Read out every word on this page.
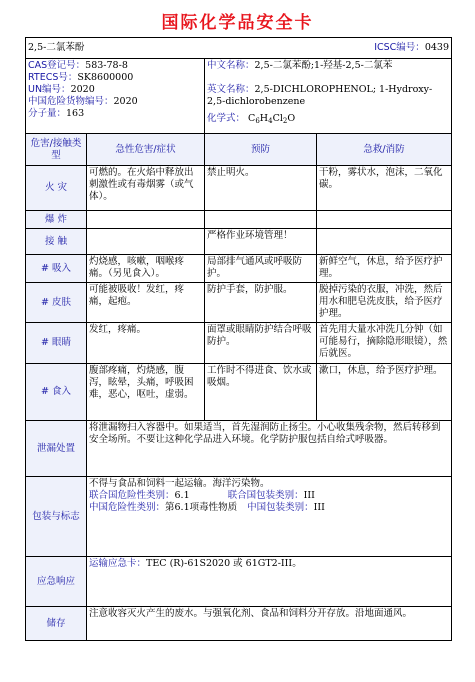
国际化学品安全卡
2,5-二氯苯酚 ICSC编号：0439			

CAS登记号：583-78-8
RTECS号：SK8600000
UN编号：2020
中国危险货物编号：2020
分子量：163		中文名称：2,5-二氯苯酚;1-羟基-2,5-二氯苯
英文名称：2,5-DICHLOROPHENOL; 1-Hydroxy-2,5-dichlorobenzene
化学式： $C_6H_4Cl_2O$	

危害/接触类型	急性危害/症状	预防	急救/消防
火 灾	可燃的。在火焰中释放出刺激性或有毒烟雾（或气体）。	禁止明火。	干粉，雾状水，泡沫，二氧化碳。
爆 炸			
接 触		严格作业环境管理！	
# 吸入	灼烧感，咳嗽，咽喉疼痛。（另见食入）。	局部排气通风或呼吸防护。	新鲜空气，休息，给予医疗护理。
# 皮肤	可能被吸收！发红，疼痛，起疱。	防护手套，防护服。	脱掉污染的衣服，冲洗，然后用水和肥皂洗皮肤，给予医疗护理。
# 眼睛	发红，疼痛。	面罩或眼睛防护结合呼吸防护。	首先用大量水冲洗几分钟（如可能易行，摘除隐形眼镜），然后就医。
# 食入	腹部疼痛，灼烧感，腹泻，眩晕，头痛，呼吸困难，恶心，呕吐，虚弱。	工作时不得进食、饮水或吸烟。	漱口，休息，给予医疗护理。
泄漏处置	将泄漏物扫入容器中。如果适当，首先湿润防止扬尘。小心收集残余物，然后转移到安全场所。不要让这种化学品进入环境。化学防护服包括自给式呼吸器。		
包装与标志	不得与食品和饲料一起运输。海洋污染物。
联合国危险性类别：6.1 联合国包装类别：III
中国危险性类别：第6.1项毒性物质 中国包装类别：III		

应急响应	运输应急卡：TEC (R)-61S2020 或 61GT2-III。		

储存	注意收容灭火产生的废水。与强氧化剂、食品和饲料分开存放。沿地面通风。		
